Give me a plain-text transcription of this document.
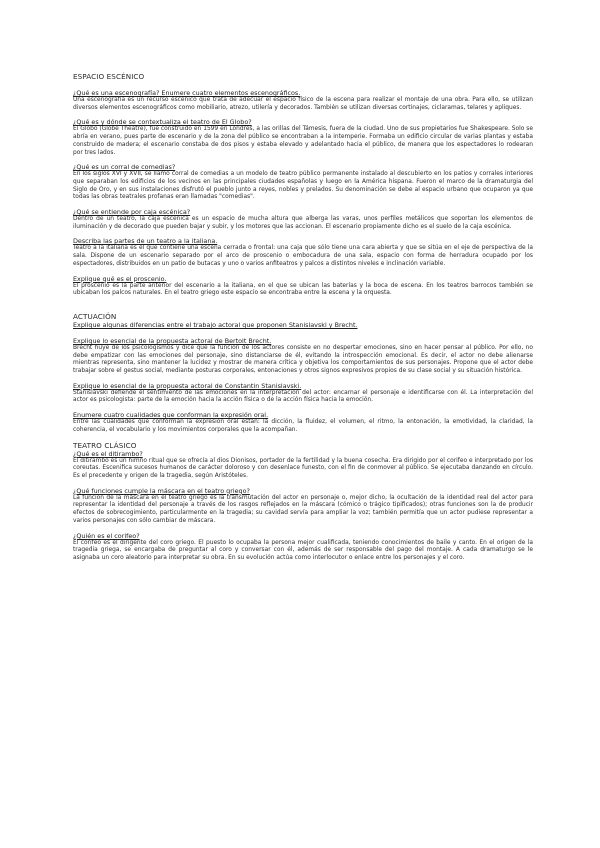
ESPACIO ESCÉNICO

¿Qué es una escenografía? Enumere cuatro elementos escenográficos.

Una escenografía es un recurso escénico que trata de adecuar el espacio físico de la escena para realizar el montaje de una obra. Para ello, se utilizan diversos elementos escenográficos como mobiliario, atrezo, utilería y decorados. También se utilizan diversas cortinajes, ciclaramas, telares y apliques.

¿Qué es y dónde se contextualiza el teatro de El Globo?

El Globo (Globe Theatre), fue construido en 1599 en Londres, a las orillas del Támesis, fuera de la ciudad. Uno de sus propietarios fue Shakespeare. Solo se abría en verano, pues parte de escenario y de la zona del público se encontraban a la intemperie. Formaba un edificio circular de varias plantas y estaba construido de madera; el escenario constaba de dos pisos y estaba elevado y adelantado hacia el público, de manera que los espectadores lo rodearan por tres lados.

¿Qué es un corral de comedias?

En los siglos XVI y XVII, se llamó corral de comedias a un modelo de teatro público permanente instalado al descubierto en los patios y corrales interiores que separaban los edificios de los vecinos en las principales ciudades españolas y luego en la América hispana. Fueron el marco de la dramaturgia del Siglo de Oro, y en sus instalaciones disfrutó el pueblo junto a reyes, nobles y prelados. Su denominación se debe al espacio urbano que ocuparon ya que todas las obras teatrales profanas eran llamadas "comedias".

¿Qué se entiende por caja escénica?

Dentro de un teatro, la caja escénica es un espacio de mucha altura que alberga las varas, unos perfiles metálicos que soportan los elementos de iluminación y de decorado que pueden bajar y subir, y los motores que las accionan. El escenario propiamente dicho es el suelo de la caja escénica.

Describa las partes de un teatro a la italiana.

Teatro a la italiana es el que contiene una escena cerrada o frontal: una caja que sólo tiene una cara abierta y que se sitúa en el eje de perspectiva de la sala. Dispone de un escenario separado por el arco de proscenio o embocadura de una sala, espacio con forma de herradura ocupado por los espectadores, distribuidos en un patio de butacas y uno o varios anfiteatros y palcos a distintos niveles e inclinación variable.

Explique qué es el proscenio.

El proscenio es la parte anterior del escenario a la italiana, en el que se ubican las baterías y la boca de escena. En los teatros barrocos también se ubicaban los palcos naturales. En el teatro griego este espacio se encontraba entre la escena y la orquesta.

ACTUACIÓN

Explique algunas diferencias entre el trabajo actoral que proponen Stanislavski y Brecht.

Explique lo esencial de la propuesta actoral de Bertolt Brecht.

Brecht huye de los psicologismos y dice que la función de los actores consiste en no despertar emociones, sino en hacer pensar al público. Por ello, no debe empatizar con las emociones del personaje, sino distanciarse de él, evitando la introspección emocional. Es decir, el actor no debe alienarse mientras representa, sino mantener la lucidez y mostrar de manera crítica y objetiva los comportamientos de sus personajes. Propone que el actor debe trabajar sobre el gestus social, mediante posturas corporales, entonaciones y otros signos expresivos propios de su clase social y su situación histórica.

Explique lo esencial de la propuesta actoral de Constantin Stanislavski.

Stanislavski defiende el sentimiento de las emociones en la interpretación del actor: encarnar el personaje e identificarse con él. La interpretación del actor es psicologista: parte de la emoción hacia la acción física o de la acción física hacia la emoción.

Enumere cuatro cualidades que conforman la expresión oral.

Entre las cualidades que conforman la expresión oral están: la dicción, la fluidez, el volumen, el ritmo, la entonación, la emotividad, la claridad, la coherencia, el vocabulario y los movimientos corporales que la acompañan.

TEATRO CLÁSICO

¿Qué es el ditirambo?

El ditirambo es un himno ritual que se ofrecía al dios Dionisos, portador de la fertilidad y la buena cosecha. Era dirigido por el corifeo e interpretado por los coreutas. Escenifica sucesos humanos de carácter doloroso y con desenlace funesto, con el fin de conmover al público. Se ejecutaba danzando en círculo. Es el precedente y origen de la tragedia, según Aristóteles.

¿Qué funciones cumple la máscara en el teatro griego?

La función de la máscara en el teatro griego es la transmutación del actor en personaje o, mejor dicho, la ocultación de la identidad real del actor para representar la identidad del personaje a través de los rasgos reflejados en la máscara (cómico o trágico tipificados); otras funciones son la de producir efectos de sobrecogimiento, particularmente en la tragedia; su cavidad servía para ampliar la voz; también permitía que un actor pudiese representar a varios personajes con sólo cambiar de máscara.

¿Quién es el corifeo?

El corifeo es el dirigente del coro griego. El puesto lo ocupaba la persona mejor cualificada, teniendo conocimientos de baile y canto. En el origen de la tragedia griega, se encargaba de preguntar al coro y conversar con él, además de ser responsable del pago del montaje. A cada dramaturgo se le asignaba un coro aleatorio para interpretar su obra. En su evolución actúa como interlocutor o enlace entre los personajes y el coro.
